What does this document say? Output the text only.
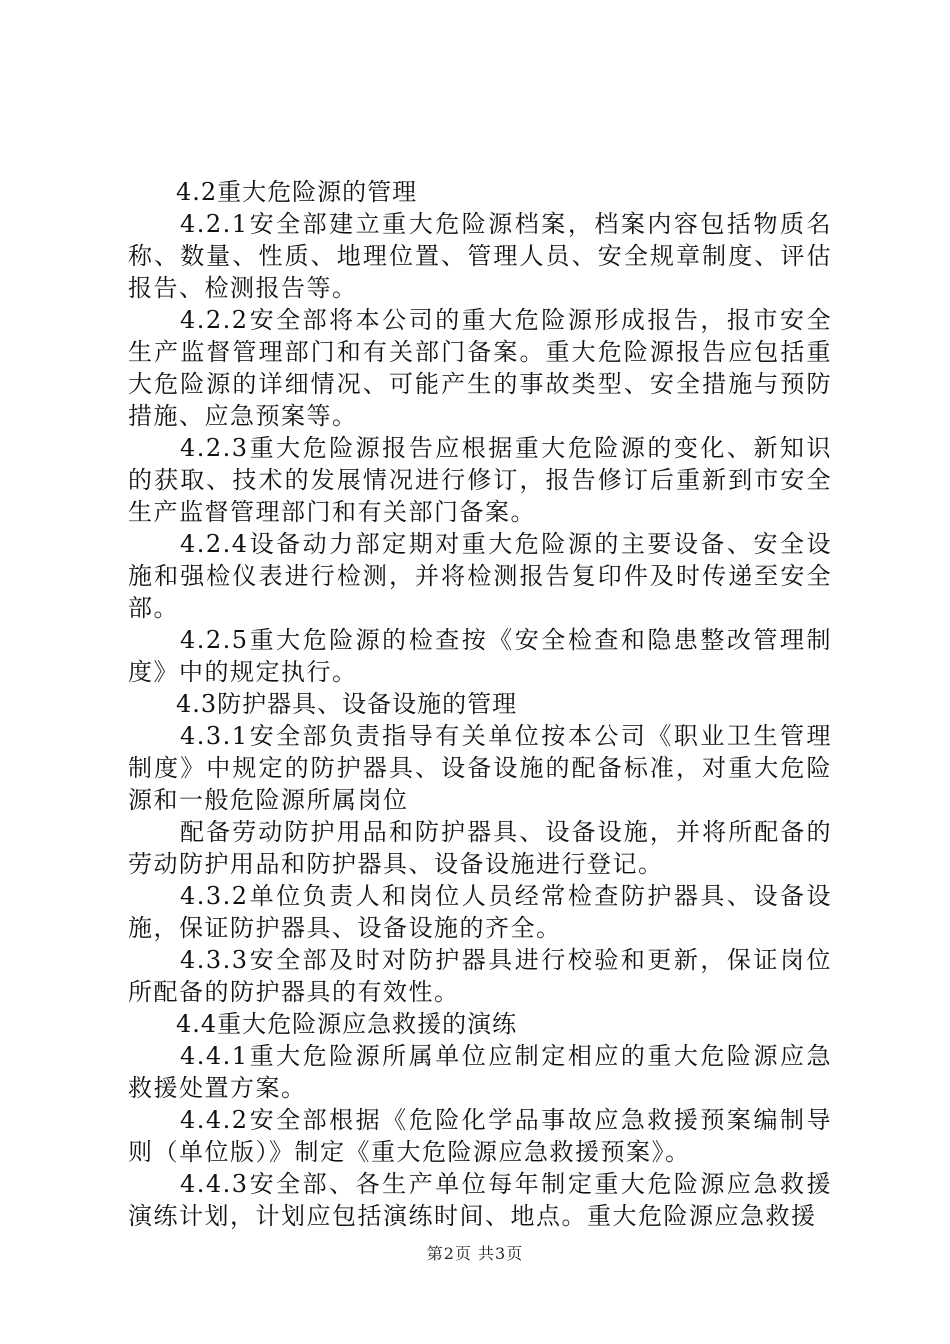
4.2重大危险源的管理

4.2.1安全部建立重大危险源档案，档案内容包括物质名称、数量、性质、地理位置、管理人员、安全规章制度、评估报告、检测报告等。

4.2.2安全部将本公司的重大危险源形成报告，报市安全生产监督管理部门和有关部门备案。重大危险源报告应包括重大危险源的详细情况、可能产生的事故类型、安全措施与预防措施、应急预案等。

4.2.3重大危险源报告应根据重大危险源的变化、新知识的获取、技术的发展情况进行修订，报告修订后重新到市安全生产监督管理部门和有关部门备案。

4.2.4设备动力部定期对重大危险源的主要设备、安全设施和强检仪表进行检测，并将检测报告复印件及时传递至安全部。

4.2.5重大危险源的检查按《安全检查和隐患整改管理制度》中的规定执行。

4.3防护器具、设备设施的管理

4.3.1安全部负责指导有关单位按本公司《职业卫生管理制度》中规定的防护器具、设备设施的配备标准，对重大危险源和一般危险源所属岗位

配备劳动防护用品和防护器具、设备设施，并将所配备的劳动防护用品和防护器具、设备设施进行登记。

4.3.2单位负责人和岗位人员经常检查防护器具、设备设施，保证防护器具、设备设施的齐全。

4.3.3安全部及时对防护器具进行校验和更新，保证岗位所配备的防护器具的有效性。

4.4重大危险源应急救援的演练

4.4.1重大危险源所属单位应制定相应的重大危险源应急救援处置方案。

4.4.2安全部根据《危险化学品事故应急救援预案编制导则（单位版）》制定《重大危险源应急救援预案》。

4.4.3安全部、各生产单位每年制定重大危险源应急救援演练计划，计划应包括演练时间、地点。重大危险源应急救援

第2页 共3页
